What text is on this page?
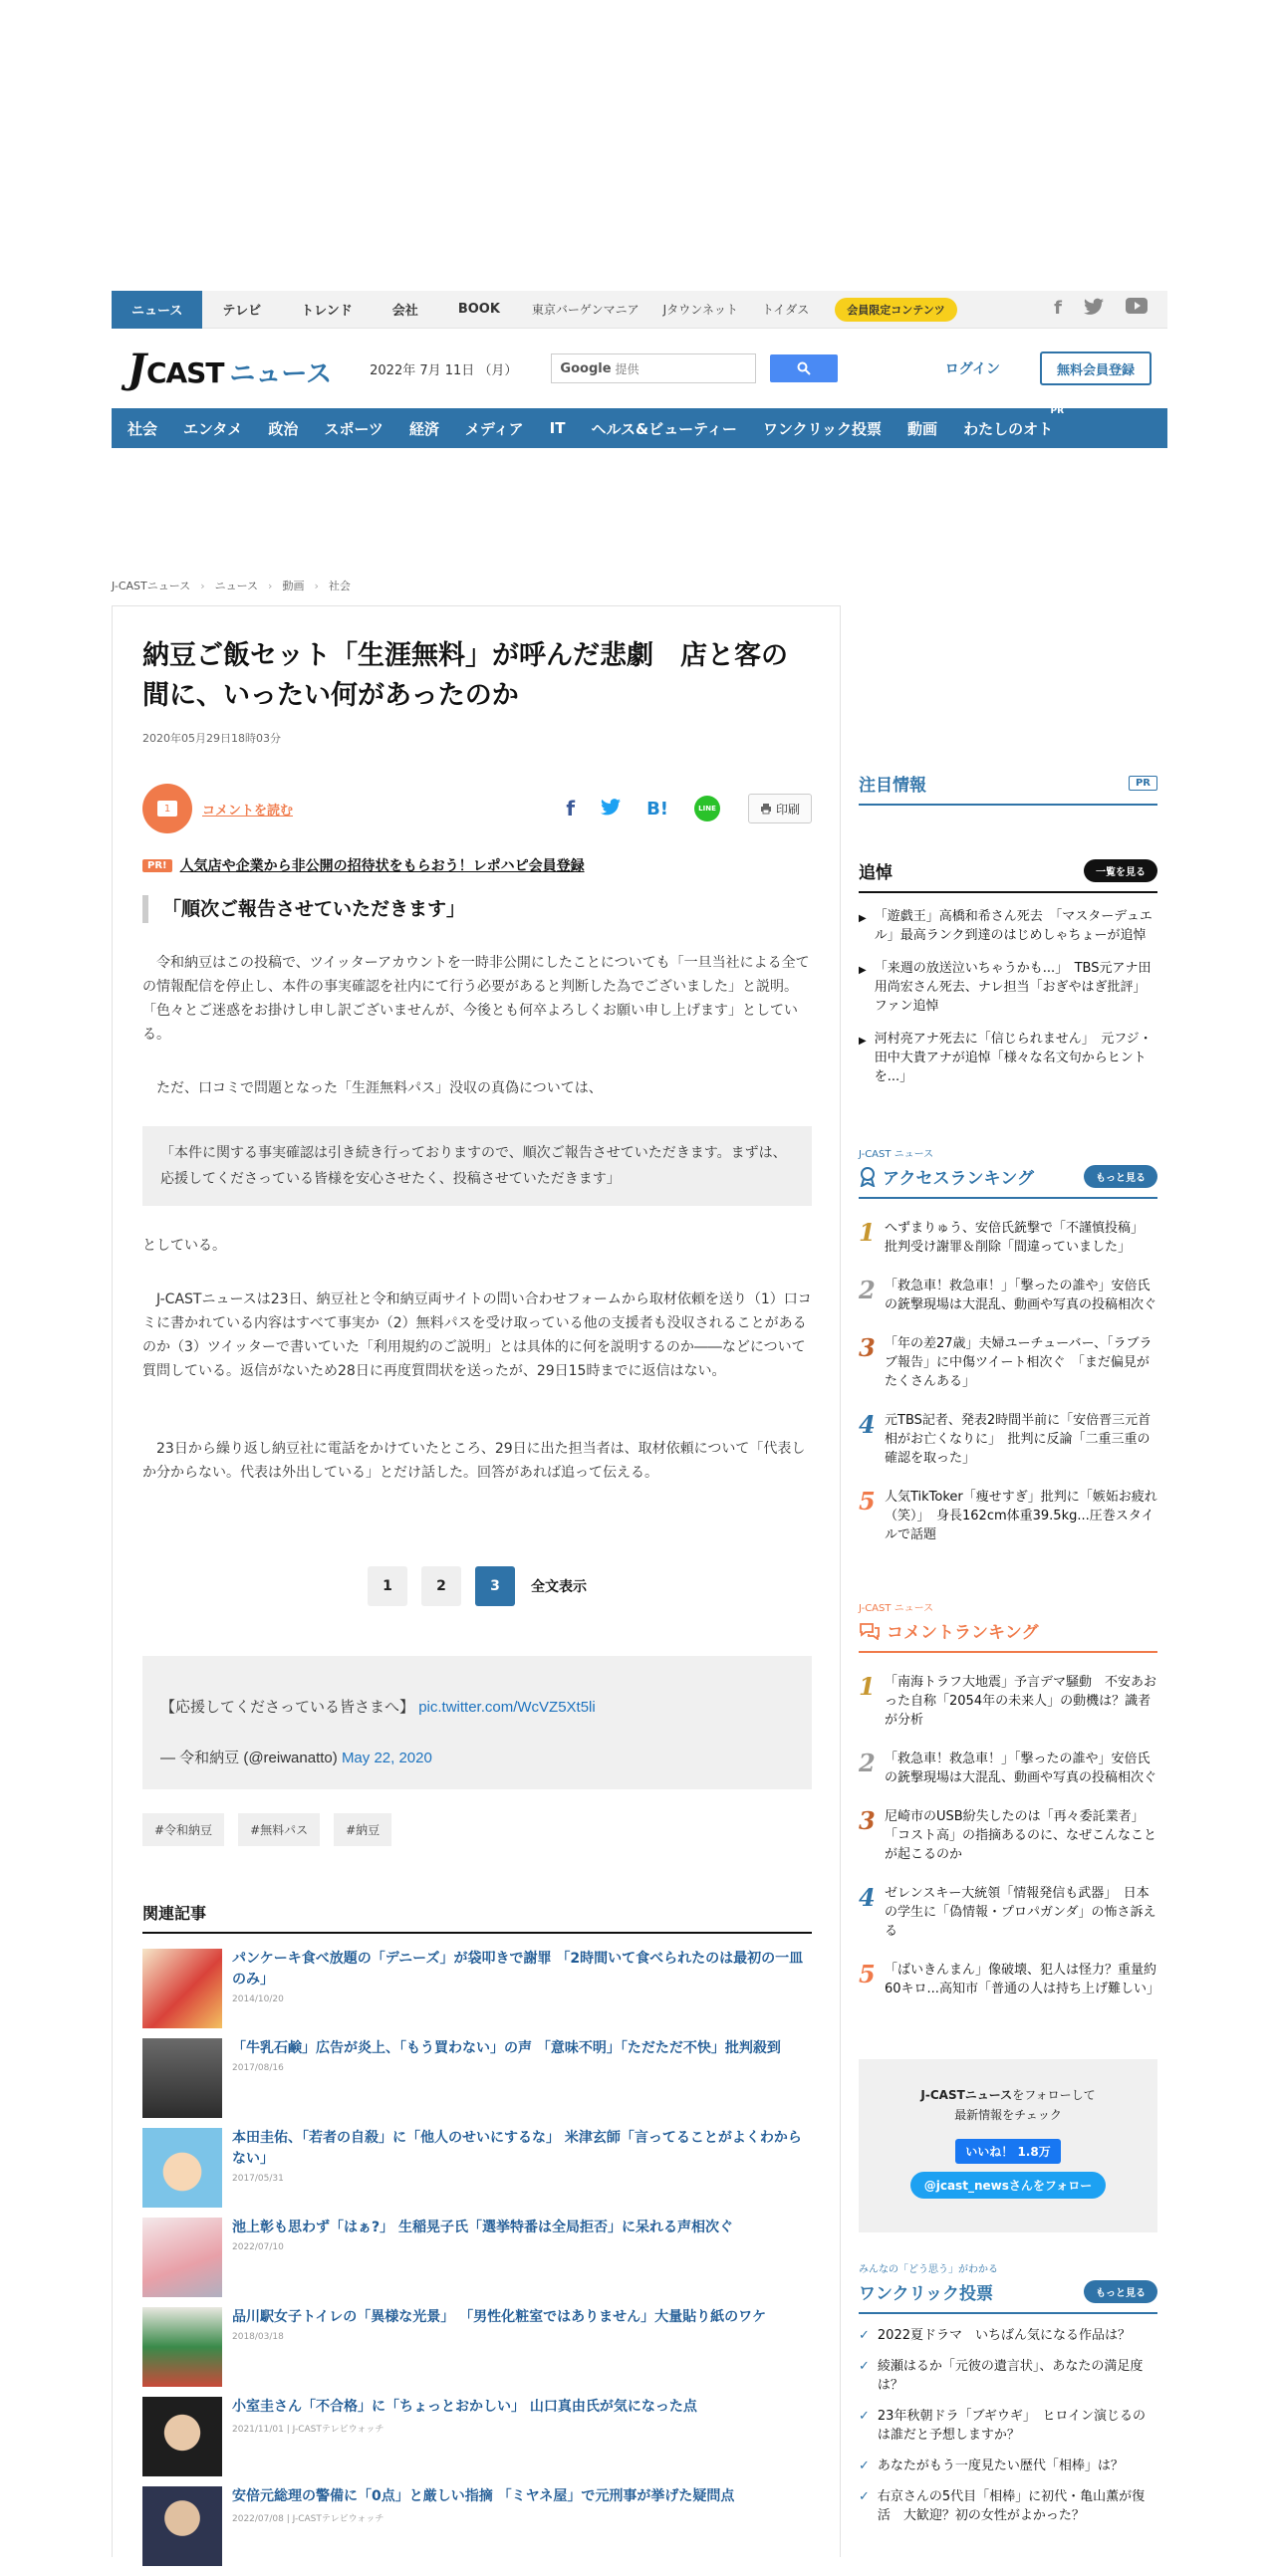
ニュース	テレビ	トレンド	会社	BOOK	東京バーゲンマニア	Jタウンネット	トイダス	会員限定コンテンツ	f
J CAST ニュース	2022年 7月 11日 （月）	Google 提供	ログイン	無料会員登録
社会	エンタメ	政治	スポーツ	経済	メディア	IT	ヘルス&ビューティー	ワンクリック投票	動画	わたしのオト
PR
J-CASTニュース › ニュース › 動画 › 社会
納豆ご飯セット「生涯無料」が呼んだ悲劇　店と客の間に、いったい何があったのか
2020年05月29日18時03分
1	コメントを読む	f	B!	LINE	印刷
PR! 人気店や企業から非公開の招待状をもらおう！レポハピ会員登録
「順次ご報告させていただきます」

　令和納豆はこの投稿で、ツイッターアカウントを一時非公開にしたことについても「一旦当社による全ての情報配信を停止し、本件の事実確認を社内にて行う必要があると判断した為でございました」と説明。「色々とご迷惑をお掛けし申し訳ございませんが、今後とも何卒よろしくお願い申し上げます」としている。

　ただ、口コミで問題となった「生涯無料パス」没収の真偽については、

「本件に関する事実確認は引き続き行っておりますので、順次ご報告させていただきます。まずは、応援してくださっている皆様を安心させたく、投稿させていただきます」

としている。

　J-CASTニュースは23日、納豆社と令和納豆両サイトの問い合わせフォームから取材依頼を送り（1）口コミに書かれている内容はすべて事実か（2）無料パスを受け取っている他の支援者も没収されることがあるのか（3）ツイッターで書いていた「利用規約のご説明」とは具体的に何を説明するのか――などについて質問している。返信がないため28日に再度質問状を送ったが、29日15時までに返信はない。

　23日から繰り返し納豆社に電話をかけていたところ、29日に出た担当者は、取材依頼について「代表しか分からない。代表は外出している」とだけ話した。回答があれば追って伝える。

1	2	3	全文表示
【応援してくださっている皆さまへ】 pic.twitter.com/WcVZ5Xt5li
— 令和納豆 (@reiwanatto) May 22, 2020
#令和納豆	#無料パス	#納豆
関連記事
パンケーキ食べ放題の「デニーズ」が袋叩きで謝罪 「2時間いて食べられたのは最初の一皿のみ」
2014/10/20
「牛乳石鹸」広告が炎上、「もう買わない」の声 「意味不明」「ただただ不快」批判殺到
2017/08/16
本田圭佑、「若者の自殺」に「他人のせいにするな」 米津玄師「言ってることがよくわからない」
2017/05/31
池上彰も思わず「はぁ?」 生稲晃子氏「選挙特番は全局拒否」に呆れる声相次ぐ
2022/07/10
品川駅女子トイレの「異様な光景」 「男性化粧室ではありません」大量貼り紙のワケ
2018/03/18
小室圭さん「不合格」に「ちょっとおかしい」 山口真由氏が気になった点
2021/11/01 | J-CASTテレビウォッチ
安倍元総理の警備に「0点」と厳しい指摘 「ミヤネ屋」で元刑事が挙げた疑問点
2022/07/08 | J-CASTテレビウォッチ
注目情報	PR
追悼	一覧を見る
▶ 「遊戯王」高橋和希さん死去　「マスターデュエル」最高ランク到達のはじめしゃちょーが追悼
▶ 「来週の放送泣いちゃうかも...」　TBS元アナ田用尚宏さん死去、ナレ担当「おぎやはぎ批評」ファン追悼
▶ 河村亮アナ死去に「信じられません」　元フジ・田中大貴アナが追悼「様々な名文句からヒントを...」
J-CAST ニュース
アクセスランキング	もっと見る
1 へずまりゅう、安倍氏銃撃で「不謹慎投稿」　批判受け謝罪＆削除「間違っていました」
2 「救急車！救急車！」「撃ったの誰や」安倍氏の銃撃現場は大混乱、動画や写真の投稿相次ぐ
3 「年の差27歳」夫婦ユーチューバー、「ラブラブ報告」に中傷ツイート相次ぐ　「まだ偏見がたくさんある」
4 元TBS記者、発表2時間半前に「安倍晋三元首相がお亡くなりに」　批判に反論「二重三重の確認を取った」
5 人気TikToker「痩せすぎ」批判に「嫉妬お疲れ（笑）」　身長162cm体重39.5kg...圧巻スタイルで話題
J-CAST ニュース
コメントランキング
1 「南海トラフ大地震」予言デマ騒動　不安あおった自称「2054年の未来人」の動機は？識者が分析
2 「救急車！救急車！」「撃ったの誰や」安倍氏の銃撃現場は大混乱、動画や写真の投稿相次ぐ
3 尼崎市のUSB紛失したのは「再々委託業者」　「コスト高」の指摘あるのに、なぜこんなことが起こるのか
4 ゼレンスキー大統領「情報発信も武器」　日本の学生に「偽情報・プロパガンダ」の怖さ訴える
5 「ばいきんまん」像破壊、犯人は怪力？重量約60キロ...高知市「普通の人は持ち上げ難しい」
J-CASTニュースをフォローして
最新情報をチェック
いいね！ 1.8万
@jcast_newsさんをフォロー
みんなの「どう思う」がわかる
ワンクリック投票	もっと見る
✓ 2022夏ドラマ　いちばん気になる作品は？
✓ 綾瀬はるか「元彼の遺言状」、あなたの満足度は？
✓ 23年秋朝ドラ「ブギウギ」　ヒロイン演じるのは誰だと予想しますか？
✓ あなたがもう一度見たい歴代「相棒」は？
✓ 右京さんの5代目「相棒」に初代・亀山薫が復活　大歓迎？初の女性がよかった？
